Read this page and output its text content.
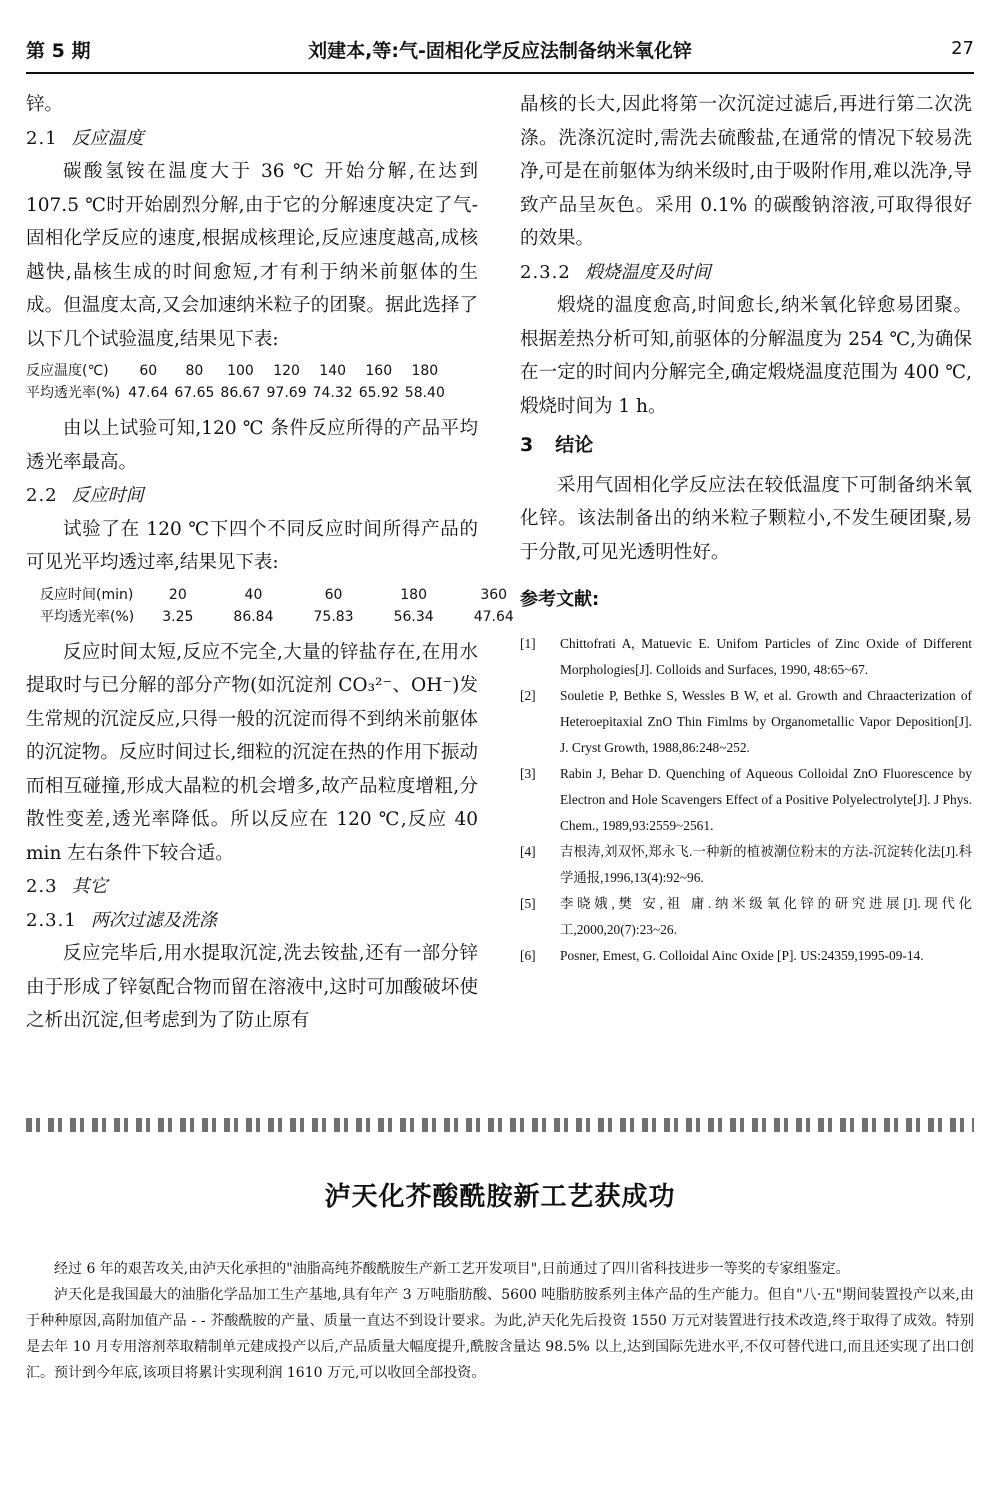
第 5 期	刘建本,等:气-固相化学反应法制备纳米氧化锌	27

锌。

2.1 反应温度

碳酸氢铵在温度大于 36 ℃ 开始分解,在达到 107.5 ℃时开始剧烈分解,由于它的分解速度决定了气-固相化学反应的速度,根据成核理论,反应速度越高,成核越快,晶核生成的时间愈短,才有利于纳米前躯体的生成。但温度太高,又会加速纳米粒子的团聚。据此选择了以下几个试验温度,结果见下表:

反应温度(℃)	60	80	100	120	140	160	180
平均透光率(%)	47.64	67.65	86.67	97.69	74.32	65.92	58.40

由以上试验可知,120 ℃ 条件反应所得的产品平均透光率最高。

2.2 反应时间

试验了在 120 ℃下四个不同反应时间所得产品的可见光平均透过率,结果见下表:

反应时间(min)	20	40	60	180	360
平均透光率(%)	3.25	86.84	75.83	56.34	47.64

反应时间太短,反应不完全,大量的锌盐存在,在用水提取时与已分解的部分产物(如沉淀剂 CO₃²⁻、OH⁻)发生常规的沉淀反应,只得一般的沉淀而得不到纳米前躯体的沉淀物。反应时间过长,细粒的沉淀在热的作用下振动而相互碰撞,形成大晶粒的机会增多,故产品粒度增粗,分散性变差,透光率降低。所以反应在 120 ℃,反应 40 min 左右条件下较合适。

2.3 其它
2.3.1 两次过滤及洗涤

反应完毕后,用水提取沉淀,洗去铵盐,还有一部分锌由于形成了锌氨配合物而留在溶液中,这时可加酸破坏使之析出沉淀,但考虑到为了防止原有

晶核的长大,因此将第一次沉淀过滤后,再进行第二次洗涤。洗涤沉淀时,需洗去硫酸盐,在通常的情况下较易洗净,可是在前躯体为纳米级时,由于吸附作用,难以洗净,导致产品呈灰色。采用 0.1% 的碳酸钠溶液,可取得很好的效果。

2.3.2 煅烧温度及时间

煅烧的温度愈高,时间愈长,纳米氧化锌愈易团聚。根据差热分析可知,前驱体的分解温度为 254 ℃,为确保在一定的时间内分解完全,确定煅烧温度范围为 400 ℃,煅烧时间为 1 h。

3 结论

采用气固相化学反应法在较低温度下可制备纳米氧化锌。该法制备出的纳米粒子颗粒小,不发生硬团聚,易于分散,可见光透明性好。

参考文献:

[1] Chittofrati A, Matuevic E. Unifom Particles of Zinc Oxide of Different Morphologies[J]. Colloids and Surfaces, 1990, 48:65~67.

[2] Souletie P, Bethke S, Wessles B W, et al. Growth and Chraacterization of Heteroepitaxial ZnO Thin Fimlms by Organometallic Vapor Deposition[J]. J. Cryst Growth, 1988,86:248~252.

[3] Rabin J, Behar D. Quenching of Aqueous Colloidal ZnO Fluorescence by Electron and Hole Scavengers Effect of a Positive Polyelectrolyte[J]. J Phys. Chem., 1989,93:2559~2561.

[4] 吉根涛,刘双怀,郑永飞.一种新的植被潮位粉末的方法-沉淀转化法[J].科学通报,1996,13(4):92~96.

[5] 李晓娥,樊 安,祖 庸.纳米级氧化锌的研究进展[J].现代化工,2000,20(7):23~26.

[6] Posner, Emest, G. Colloidal Ainc Oxide [P]. US:24359,1995-09-14.

泸天化芥酸酰胺新工艺获成功

经过 6 年的艰苦攻关,由泸天化承担的"油脂高纯芥酸酰胺生产新工艺开发项目",日前通过了四川省科技进步一等奖的专家组鉴定。

泸天化是我国最大的油脂化学品加工生产基地,具有年产 3 万吨脂肪酸、5600 吨脂肪胺系列主体产品的生产能力。但自"八·五"期间装置投产以来,由于种种原因,高附加值产品 - - 芥酸酰胺的产量、质量一直达不到设计要求。为此,泸天化先后投资 1550 万元对装置进行技术改造,终于取得了成效。特别是去年 10 月专用溶剂萃取精制单元建成投产以后,产品质量大幅度提升,酰胺含量达 98.5% 以上,达到国际先进水平,不仅可替代进口,而且还实现了出口创汇。预计到今年底,该项目将累计实现利润 1610 万元,可以收回全部投资。
